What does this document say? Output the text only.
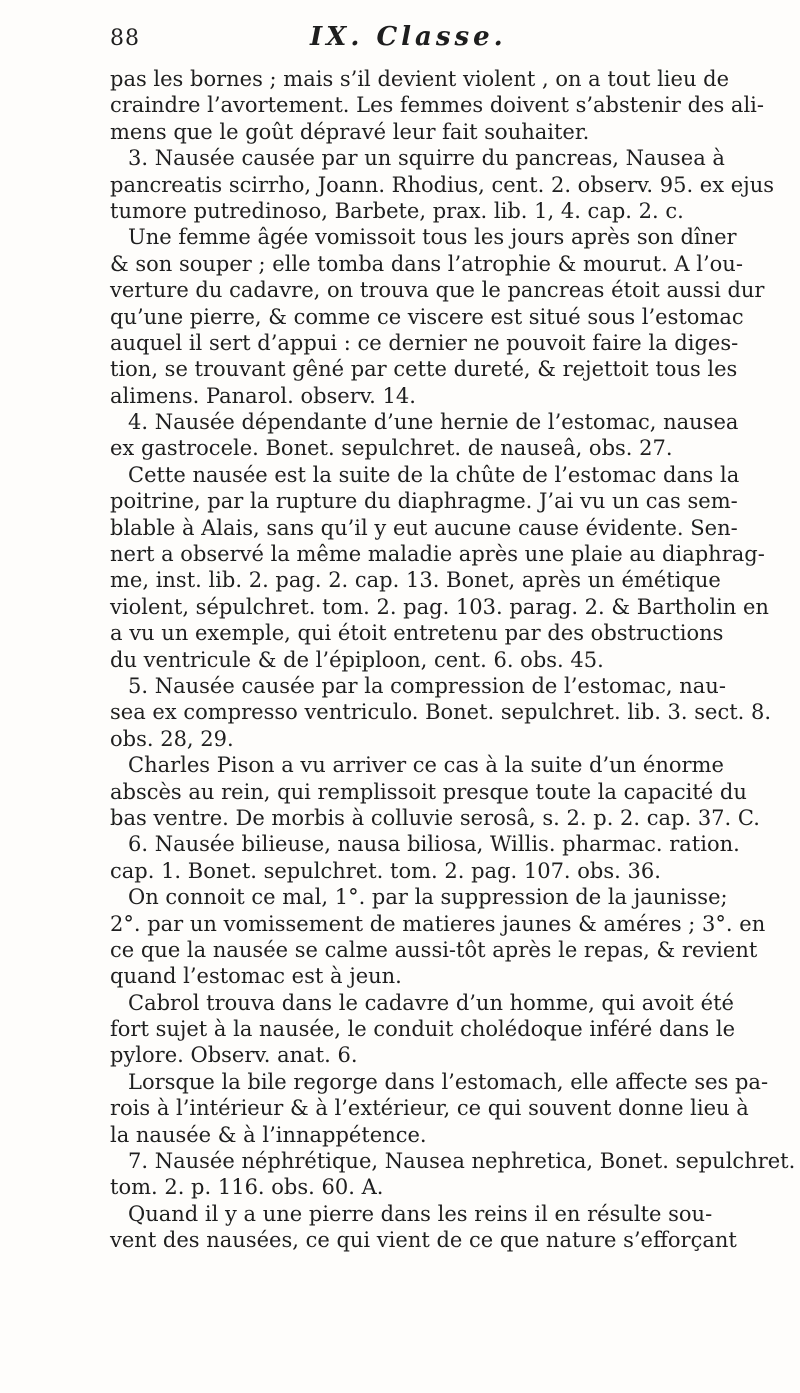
88	IX. Classe.
pas les bornes ; mais s’il devient violent , on a tout lieu de
craindre l’avortement. Les femmes doivent s’abstenir des ali-
mens que le goût dépravé leur fait souhaiter.
3. Nausée causée par un squirre du pancreas, Nausea à
pancreatis scirrho, Joann. Rhodius, cent. 2. observ. 95. ex ejus
tumore putredinoso, Barbete, prax. lib. 1, 4. cap. 2. c.
Une femme âgée vomissoit tous les jours après son dîner
& son souper ; elle tomba dans l’atrophie & mourut. A l’ou-
verture du cadavre, on trouva que le pancreas étoit aussi dur
qu’une pierre, & comme ce viscere est situé sous l’estomac
auquel il sert d’appui : ce dernier ne pouvoit faire la diges-
tion, se trouvant gêné par cette dureté, & rejettoit tous les
alimens. Panarol. observ. 14.
4. Nausée dépendante d’une hernie de l’estomac, nausea
ex gastrocele. Bonet. sepulchret. de nauseâ, obs. 27.
Cette nausée est la suite de la chûte de l’estomac dans la
poitrine, par la rupture du diaphragme. J’ai vu un cas sem-
blable à Alais, sans qu’il y eut aucune cause évidente. Sen-
nert a observé la même maladie après une plaie au diaphrag-
me, inst. lib. 2. pag. 2. cap. 13. Bonet, après un émétique
violent, sépulchret. tom. 2. pag. 103. parag. 2. & Bartholin en
a vu un exemple, qui étoit entretenu par des obstructions
du ventricule & de l’épiploon, cent. 6. obs. 45.
5. Nausée causée par la compression de l’estomac, nau-
sea ex compresso ventriculo. Bonet. sepulchret. lib. 3. sect. 8.
obs. 28, 29.
Charles Pison a vu arriver ce cas à la suite d’un énorme
abscès au rein, qui remplissoit presque toute la capacité du
bas ventre. De morbis à colluvie serosâ, s. 2. p. 2. cap. 37. C.
6. Nausée bilieuse, nausa biliosa, Willis. pharmac. ration.
cap. 1. Bonet. sepulchret. tom. 2. pag. 107. obs. 36.
On connoit ce mal, 1°. par la suppression de la jaunisse;
2°. par un vomissement de matieres jaunes & améres ; 3°. en
ce que la nausée se calme aussi-tôt après le repas, & revient
quand l’estomac est à jeun.
Cabrol trouva dans le cadavre d’un homme, qui avoit été
fort sujet à la nausée, le conduit cholédoque inféré dans le
pylore. Observ. anat. 6.
Lorsque la bile regorge dans l’estomach, elle affecte ses pa-
rois à l’intérieur & à l’extérieur, ce qui souvent donne lieu à
la nausée & à l’innappétence.
7. Nausée néphrétique, Nausea nephretica, Bonet. sepulchret.
tom. 2. p. 116. obs. 60. A.
Quand il y a une pierre dans les reins il en résulte sou-
vent des nausées, ce qui vient de ce que nature s’efforçant
